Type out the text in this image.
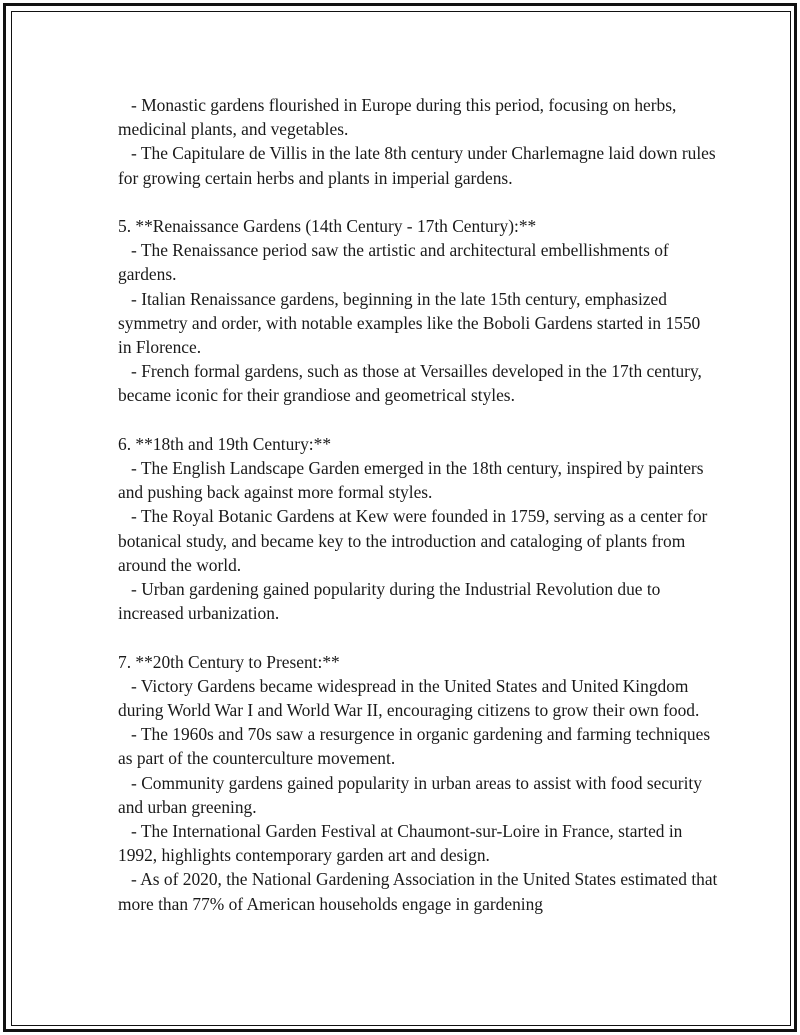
- Monastic gardens flourished in Europe during this period, focusing on herbs, medicinal plants, and vegetables.

- The Capitulare de Villis in the late 8th century under Charlemagne laid down rules for growing certain herbs and plants in imperial gardens.

5. **Renaissance Gardens (14th Century - 17th Century):**

- The Renaissance period saw the artistic and architectural embellishments of gardens.

- Italian Renaissance gardens, beginning in the late 15th century, emphasized symmetry and order, with notable examples like the Boboli Gardens started in 1550 in Florence.

- French formal gardens, such as those at Versailles developed in the 17th century, became iconic for their grandiose and geometrical styles.

6. **18th and 19th Century:**

- The English Landscape Garden emerged in the 18th century, inspired by painters and pushing back against more formal styles.

- The Royal Botanic Gardens at Kew were founded in 1759, serving as a center for botanical study, and became key to the introduction and cataloging of plants from around the world.

- Urban gardening gained popularity during the Industrial Revolution due to increased urbanization.

7. **20th Century to Present:**

- Victory Gardens became widespread in the United States and United Kingdom during World War I and World War II, encouraging citizens to grow their own food.

- The 1960s and 70s saw a resurgence in organic gardening and farming techniques as part of the counterculture movement.

- Community gardens gained popularity in urban areas to assist with food security and urban greening.

- The International Garden Festival at Chaumont-sur-Loire in France, started in 1992, highlights contemporary garden art and design.

- As of 2020, the National Gardening Association in the United States estimated that more than 77% of American households engage in gardening
